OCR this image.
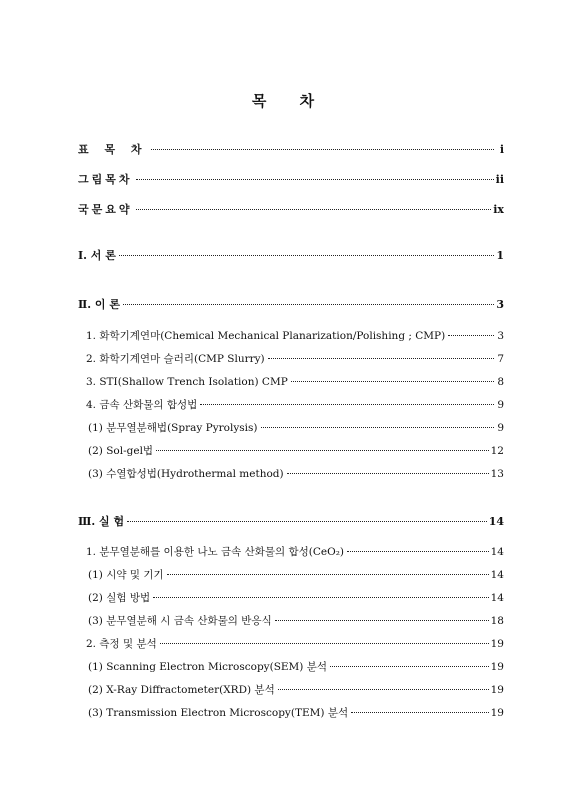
목 차
표 목 차	i
그림목차	ii
국문요약	ix
Ⅰ. 서 론	1
Ⅱ. 이 론	3
1. 화학기계연마(Chemical Mechanical Planarization/Polishing ; CMP)	3
2. 화학기계연마 슬러리(CMP Slurry)	7
3. STI(Shallow Trench Isolation) CMP	8
4. 금속 산화물의 합성법	9
(1) 분무열분해법(Spray Pyrolysis)	9
(2) Sol-gel법	12
(3) 수열합성법(Hydrothermal method)	13
Ⅲ. 실 험	14
1. 분무열분해를 이용한 나노 금속 산화물의 합성(CeO₂)	14
(1) 시약 및 기기	14
(2) 실험 방법	14
(3) 분무열분해 시 금속 산화물의 반응식	18
2. 측정 및 분석	19
(1) Scanning Electron Microscopy(SEM) 분석	19
(2) X-Ray Diffractometer(XRD) 분석	19
(3) Transmission Electron Microscopy(TEM) 분석	19
